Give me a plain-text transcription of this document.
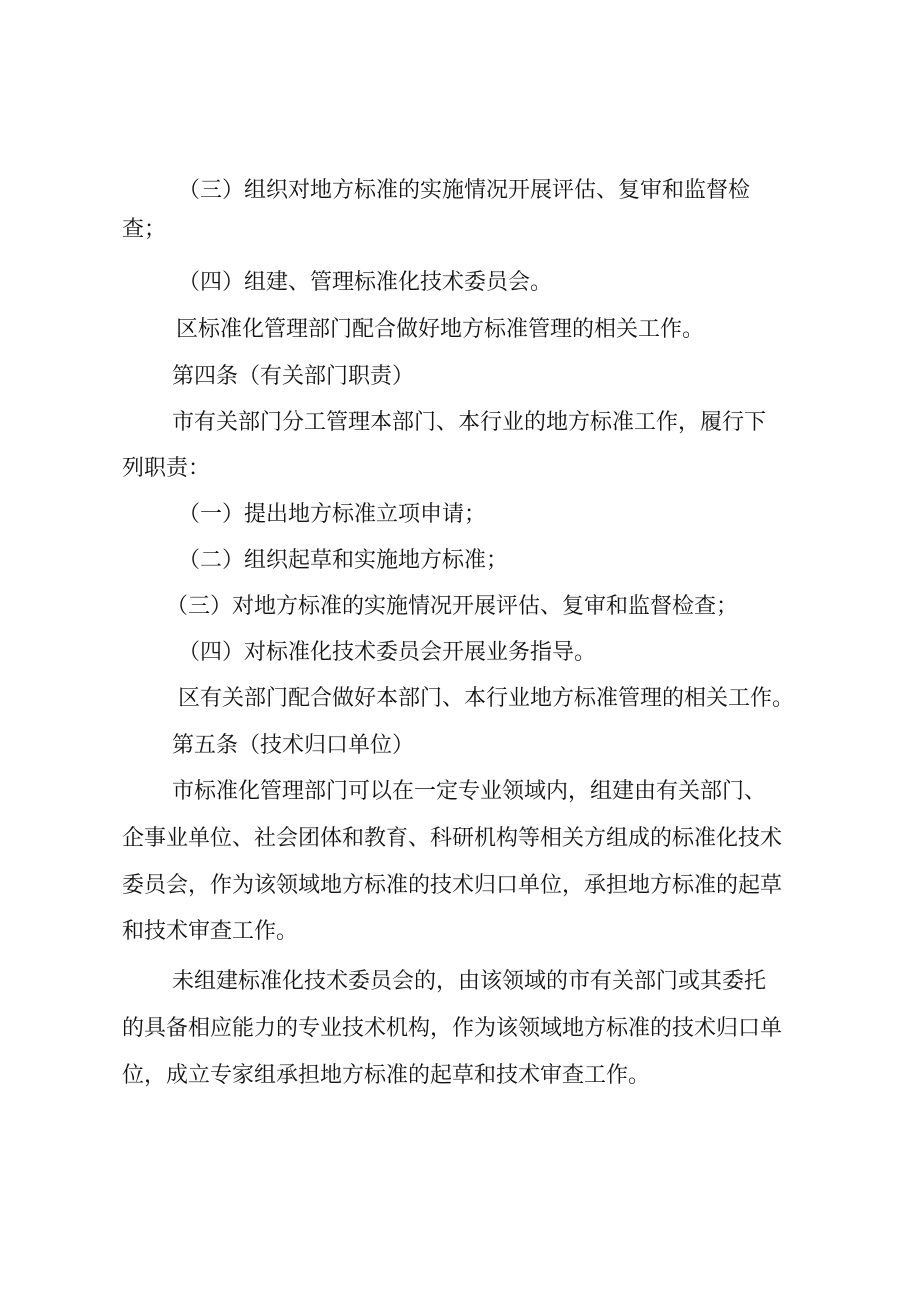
（三）组织对地方标准的实施情况开展评估、复审和监督检

查；

（四）组建、管理标准化技术委员会。

区标准化管理部门配合做好地方标准管理的相关工作。

第四条（有关部门职责）

市有关部门分工管理本部门、本行业的地方标准工作，履行下

列职责：

（一）提出地方标准立项申请；

（二）组织起草和实施地方标准；

（三）对地方标准的实施情况开展评估、复审和监督检查；

（四）对标准化技术委员会开展业务指导。

区有关部门配合做好本部门、本行业地方标准管理的相关工作。

第五条（技术归口单位）

市标准化管理部门可以在一定专业领域内，组建由有关部门、

企事业单位、社会团体和教育、科研机构等相关方组成的标准化技术

委员会，作为该领域地方标准的技术归口单位，承担地方标准的起草

和技术审查工作。

未组建标准化技术委员会的，由该领域的市有关部门或其委托

的具备相应能力的专业技术机构，作为该领域地方标准的技术归口单

位，成立专家组承担地方标准的起草和技术审查工作。
